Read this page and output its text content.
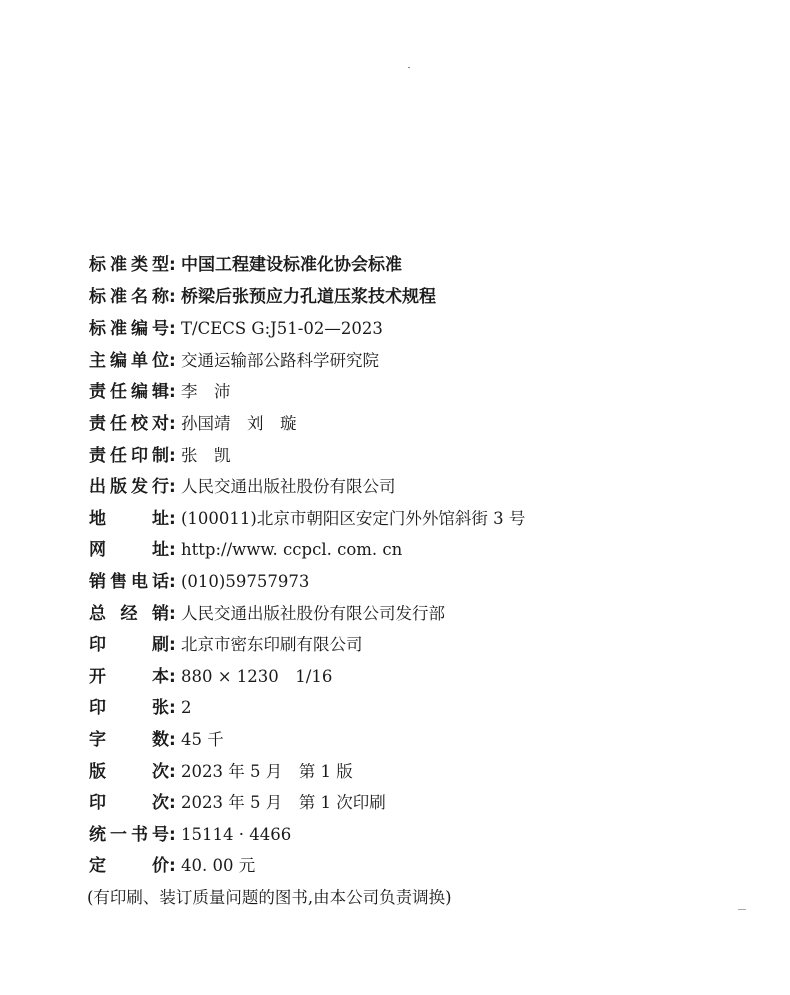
标准类型 : 中国工程建设标准化协会标准
标准名称 : 桥梁后张预应力孔道压浆技术规程
标准编号 : T/CECS G:J51-02—2023
主编单位 : 交通运输部公路科学研究院
责任编辑 : 李　沛
责任校对 : 孙国靖　刘　璇
责任印制 : 张　凯
出版发行 : 人民交通出版社股份有限公司
地址 : (100011)北京市朝阳区安定门外外馆斜街 3 号
网址 : http://www. ccpcl. com. cn
销售电话 : (010)59757973
总经销 : 人民交通出版社股份有限公司发行部
印刷 : 北京市密东印刷有限公司
开本 : 880 × 1230　1/16
印张 : 2
字数 : 45 千
版次 : 2023 年 5 月　第 1 版
印次 : 2023 年 5 月　第 1 次印刷
统一书号 : 15114 · 4466
定价 : 40. 00 元
(有印刷、装订质量问题的图书,由本公司负责调换)
